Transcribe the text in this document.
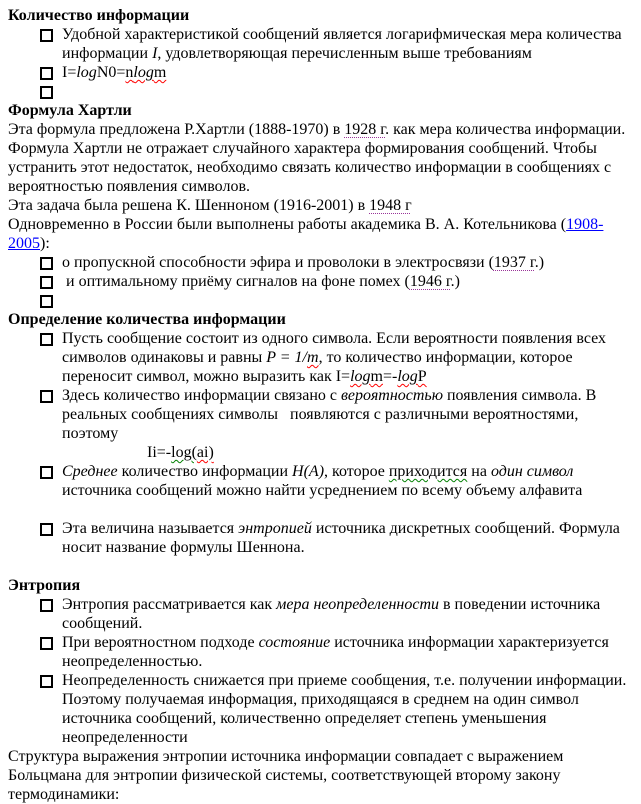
Количество информации
Удобной характеристикой сообщений является логарифмическая мера количества информации I, удовлетворяющая перечисленным выше требованиям
I=logN0=nlogm
Формула Хартли
Эта формула предложена Р.Хартли (1888-1970) в 1928 г. как мера количества информации. Формула Хартли не отражает случайного характера формирования сообщений. Чтобы устранить этот недостаток, необходимо связать количество информации в сообщениях с вероятностью появления символов.
Эта задача была решена К. Шенноном (1916-2001) в 1948 г
Одновременно в России были выполнены работы академика В. А. Котельникова (1908-2005):
о пропускной способности эфира и проволоки в электросвязи (1937 г.)
и оптимальному приёму сигналов на фоне помех (1946 г.)
Определение количества информации
Пусть сообщение состоит из одного символа. Если вероятности появления всех символов одинаковы и равны P = 1/m, то количество информации, которое переносит символ, можно выразить как I=logm=-logP
Здесь количество информации связано с вероятностью появления символа. В реальных сообщениях символы   появляются с различными вероятностями, поэтому
Ii=-log(ai)
Среднее количество информации H(A), которое приходится на один символ источника сообщений можно найти усреднением по всему объему алфавита
Эта величина называется энтропией источника дискретных сообщений. Формула носит название формулы Шеннона.
Энтропия
Энтропия рассматривается как мера неопределенности в поведении источника сообщений.
При вероятностном подходе состояние источника информации характеризуется неопределенностью.
Неопределенность снижается при приеме сообщения, т.е. получении информации. Поэтому получаемая информация, приходящаяся в среднем на один символ источника сообщений, количественно определяет степень уменьшения неопределенности
Структура выражения энтропии источника информации совпадает с выражением Больцмана для энтропии физической системы, соответствующей второму закону термодинамики:
